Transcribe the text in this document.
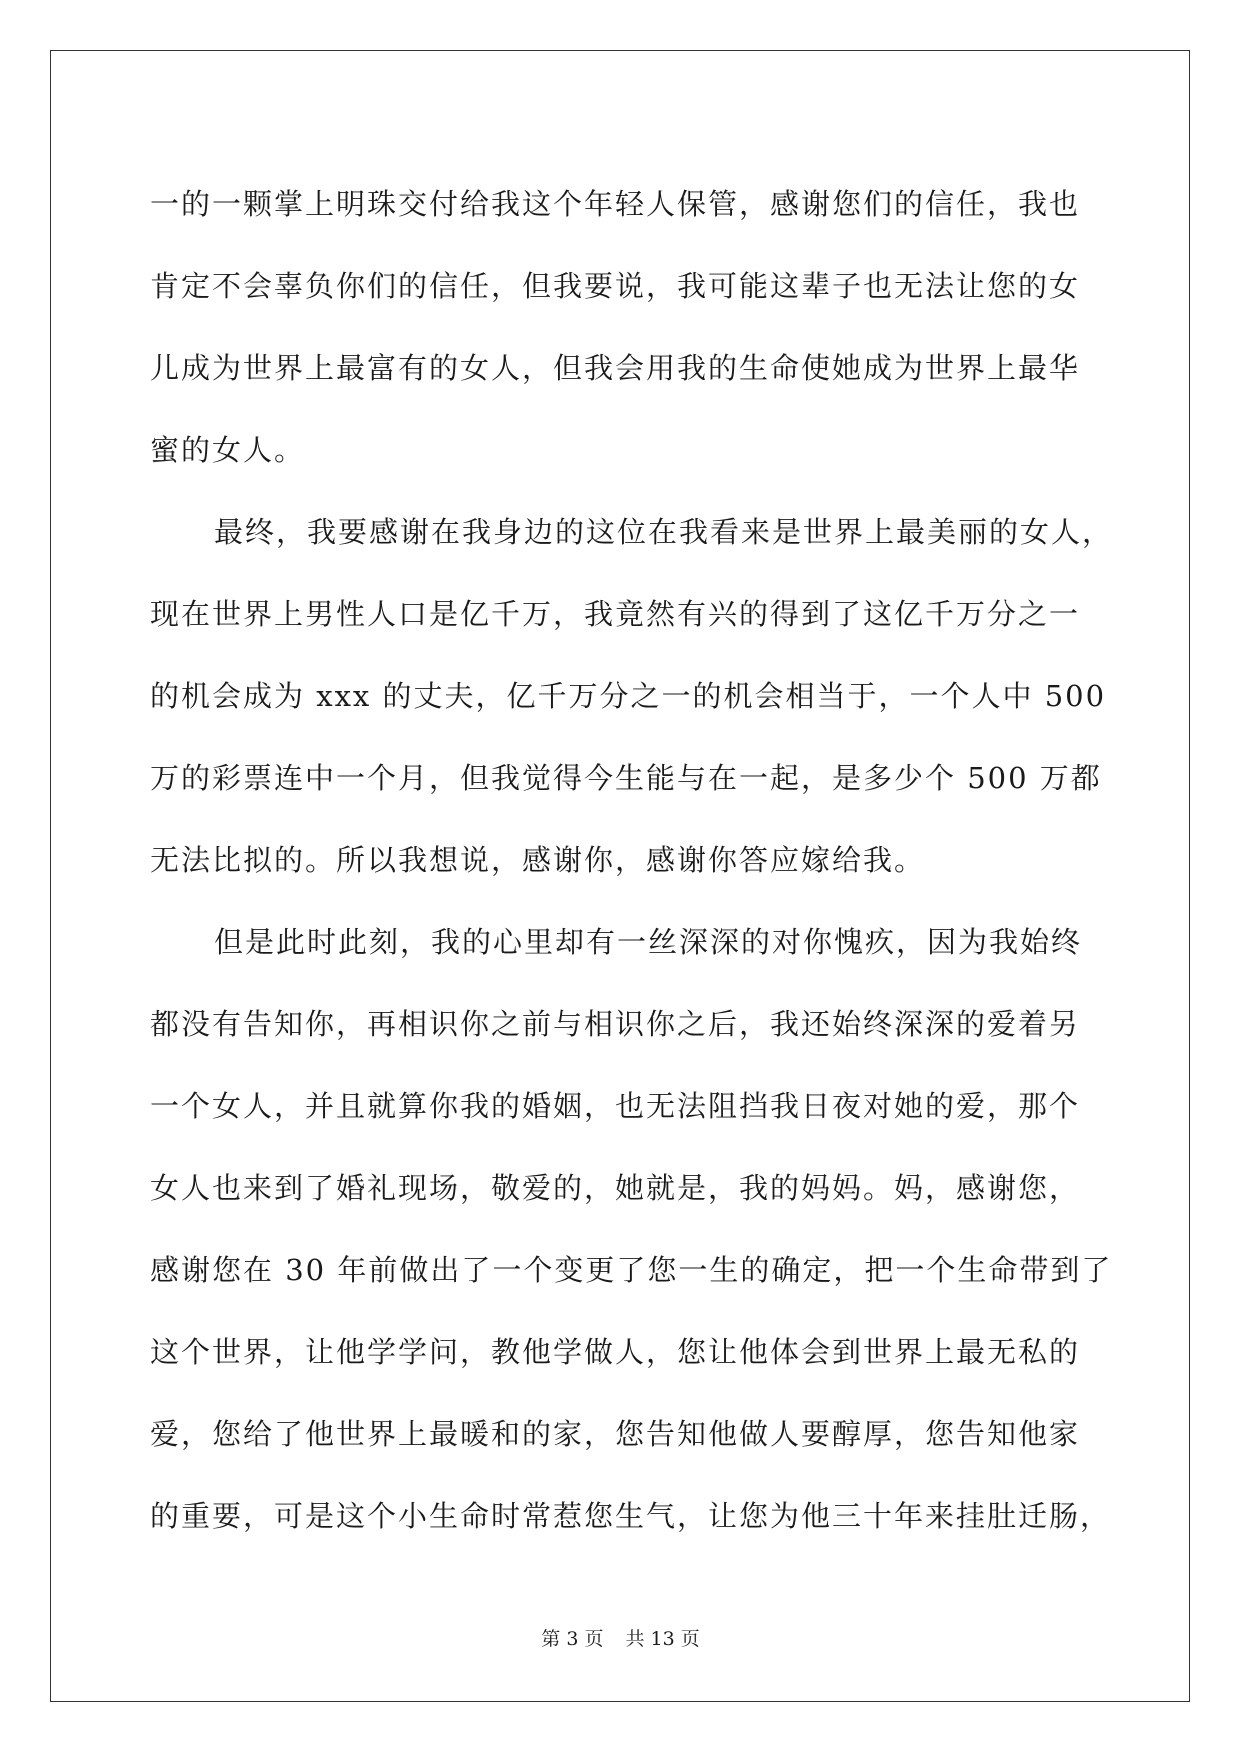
一的一颗掌上明珠交付给我这个年轻人保管，感谢您们的信任，我也
肯定不会辜负你们的信任，但我要说，我可能这辈子也无法让您的女
儿成为世界上最富有的女人，但我会用我的生命使她成为世界上最华
蜜的女人。
最终，我要感谢在我身边的这位在我看来是世界上最美丽的女人，
现在世界上男性人口是亿千万，我竟然有兴的得到了这亿千万分之一
的机会成为 xxx 的丈夫，亿千万分之一的机会相当于，一个人中 500
万的彩票连中一个月，但我觉得今生能与在一起，是多少个 500 万都
无法比拟的。所以我想说，感谢你，感谢你答应嫁给我。
但是此时此刻，我的心里却有一丝深深的对你愧疚，因为我始终
都没有告知你，再相识你之前与相识你之后，我还始终深深的爱着另
一个女人，并且就算你我的婚姻，也无法阻挡我日夜对她的爱，那个
女人也来到了婚礼现场，敬爱的，她就是，我的妈妈。妈，感谢您，
感谢您在 30 年前做出了一个变更了您一生的确定，把一个生命带到了
这个世界，让他学学问，教他学做人，您让他体会到世界上最无私的
爱，您给了他世界上最暖和的家，您告知他做人要醇厚，您告知他家
的重要，可是这个小生命时常惹您生气，让您为他三十年来挂肚迁肠，
第 3 页 共 13 页
